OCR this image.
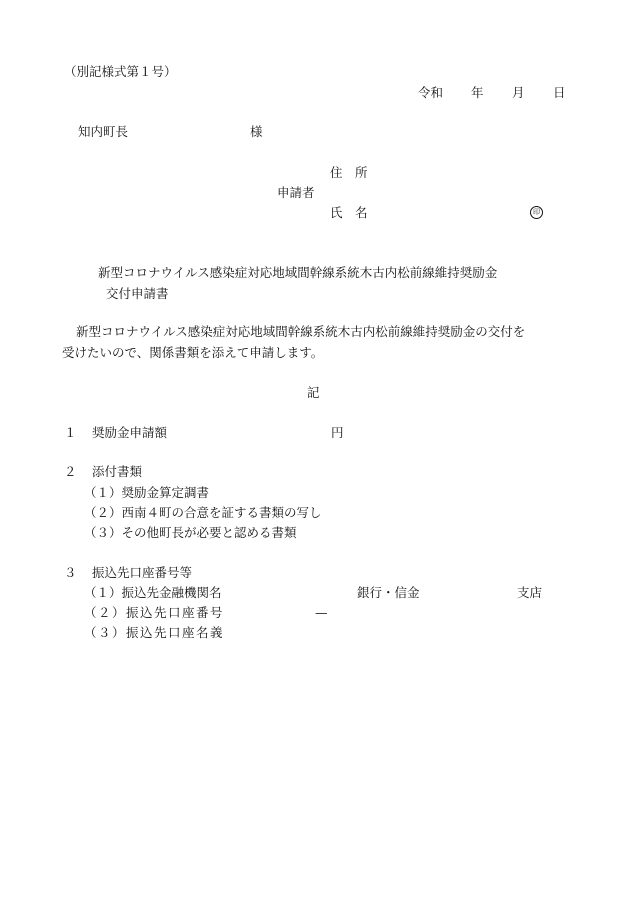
（別記様式第１号）
令和 年 月 日
知内町長	様
住　所
申請者
氏　名	印
新型コロナウイルス感染症対応地域間幹線系統木古内松前線維持奨励金
交付申請書
新型コロナウイルス感染症対応地域間幹線系統木古内松前線維持奨励金の交付を
受けたいので、関係書類を添えて申請します。
記
１ 奨励金申請額	円
２ 添付書類
（１）奨励金算定調書
（２）西南４町の合意を証する書類の写し
（３）その他町長が必要と認める書類
３ 振込先口座番号等
（１）振込先金融機関名	銀行・信金	支店
（２）振込先口座番号	—
（３）振込先口座名義
